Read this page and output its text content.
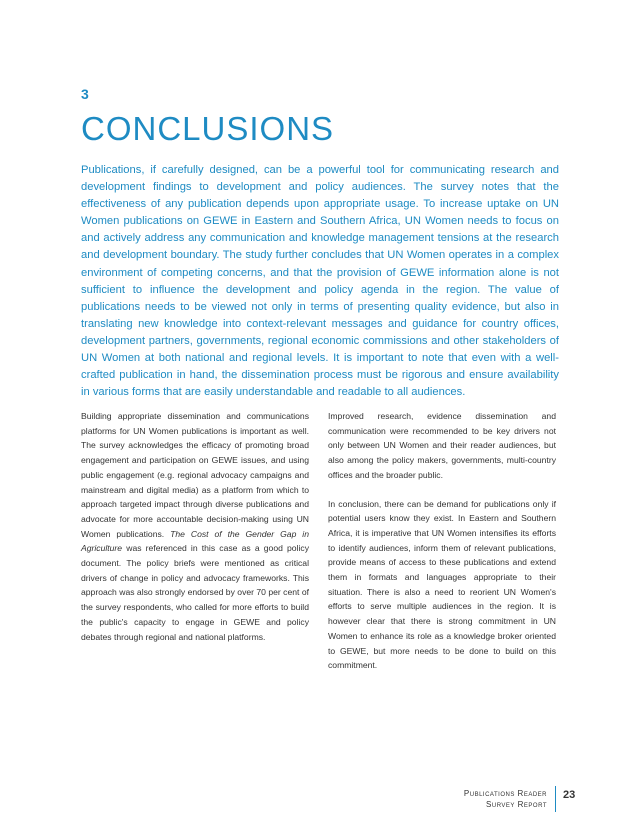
3
CONCLUSIONS

Publications, if carefully designed, can be a powerful tool for communicating research and development findings to development and policy audiences. The survey notes that the effectiveness of any publication depends upon appropriate usage. To increase uptake on UN Women publications on GEWE in Eastern and Southern Africa, UN Women needs to focus on and actively address any communication and knowledge management tensions at the research and development boundary. The study further concludes that UN Women operates in a complex environment of competing concerns, and that the provision of GEWE information alone is not sufficient to influence the development and policy agenda in the region. The value of publications needs to be viewed not only in terms of presenting quality evidence, but also in translating new knowledge into context-relevant messages and guidance for country offices, development partners, governments, regional economic commissions and other stakeholders of UN Women at both national and regional levels. It is important to note that even with a well-crafted publication in hand, the dissemination process must be rigorous and ensure availability in various forms that are easily understandable and readable to all audiences.

Building appropriate dissemination and communications platforms for UN Women publications is important as well. The survey acknowledges the efficacy of promoting broad engagement and participation on GEWE issues, and using public engagement (e.g. regional advocacy campaigns and mainstream and digital media) as a platform from which to approach targeted impact through diverse publications and advocate for more accountable decision-making using UN Women publications. The Cost of the Gender Gap in Agriculture was referenced in this case as a good policy document. The policy briefs were mentioned as critical drivers of change in policy and advocacy frameworks. This approach was also strongly endorsed by over 70 per cent of the survey respondents, who called for more efforts to build the public's capacity to engage in GEWE and policy debates through regional and national platforms.

Improved research, evidence dissemination and communication were recommended to be key drivers not only between UN Women and their reader audiences, but also among the policy makers, governments, multi-country offices and the broader public.

In conclusion, there can be demand for publications only if potential users know they exist. In Eastern and Southern Africa, it is imperative that UN Women intensifies its efforts to identify audiences, inform them of relevant publications, provide means of access to these publications and extend them in formats and languages appropriate to their situation. There is also a need to reorient UN Women's efforts to serve multiple audiences in the region. It is however clear that there is strong commitment in UN Women to enhance its role as a knowledge broker oriented to GEWE, but more needs to be done to build on this commitment.

Publications Reader
Survey Report
23
